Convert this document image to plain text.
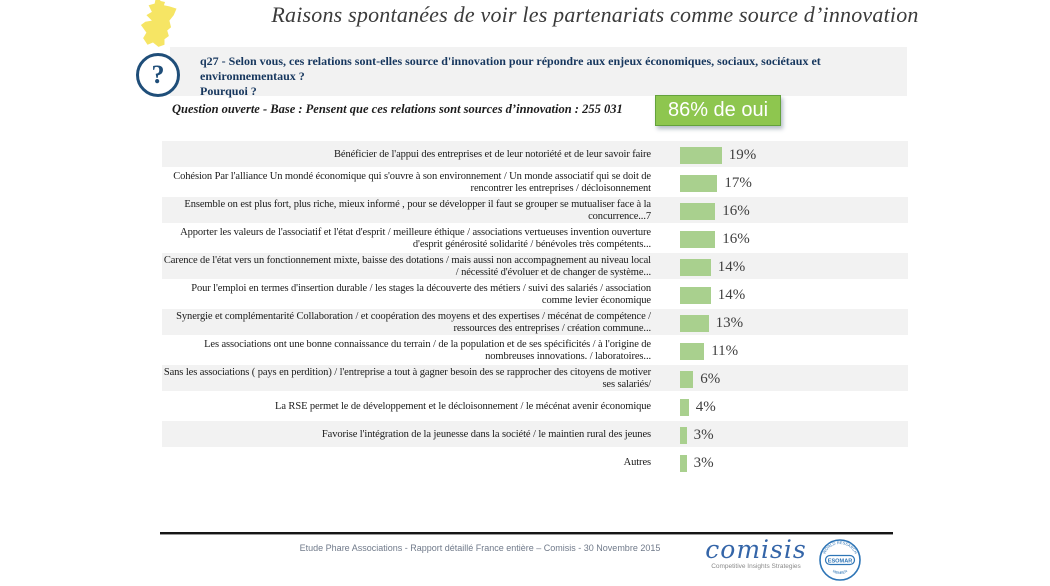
Raisons spontanées de voir les partenariats comme source d’innovation
?	q27 - Selon vous, ces relations sont-elles source d'innovation pour répondre aux enjeux économiques, sociaux, sociétaux et environnementaux ?
Pourquoi ?
Question ouverte - Base : Pensent que ces relations sont sources d’innovation : 255 031	86% de oui
Bénéficier de l'appui des entreprises et de leur notoriété et de leur savoir faire	19%
Cohésion Par l'alliance Un mondé économique qui s'ouvre à son environnement / Un monde associatif qui se doit de rencontrer les entreprises / décloisonnement	17%
Ensemble on est plus fort, plus riche, mieux informé , pour se développer il faut se grouper se mutualiser face à la concurrence...7	16%
Apporter les valeurs de l'associatif et l'état d'esprit / meilleure éthique / associations vertueuses invention ouverture d'esprit générosité solidarité / bénévoles très compétents...	16%
Carence de l'état vers un fonctionnement mixte, baisse des dotations / mais aussi non accompagnement au niveau local / nécessité d'évoluer et de changer de système...	14%
Pour l'emploi en termes d'insertion durable / les stages la découverte des métiers / suivi des salariés / association comme levier économique	14%
Synergie et complémentarité Collaboration / et coopération des moyens et des expertises / mécénat de compétence / ressources des entreprises / création commune...	13%
Les associations ont une bonne connaissance du terrain / de la population et de ses spécificités / à l'origine de nombreuses innovations. / laboratoires...	11%
Sans les associations ( pays en perdition) / l'entreprise a tout à gagner besoin des se rapprocher des citoyens de motiver ses salariés/	6%
La RSE permet le de développement et le décloisonnement / le mécénat avenir économique	4%
Favorise l'intégration de la jeunesse dans la société / le maintien rural des jeunes	3%
Autres	3%
Etude Phare Associations - Rapport détaillé France entière – Comisis - 30 Novembre 2015	comisis
Competitive Insights Strategies
WORLD RESEARCH
MEMBER
ESOMAR
